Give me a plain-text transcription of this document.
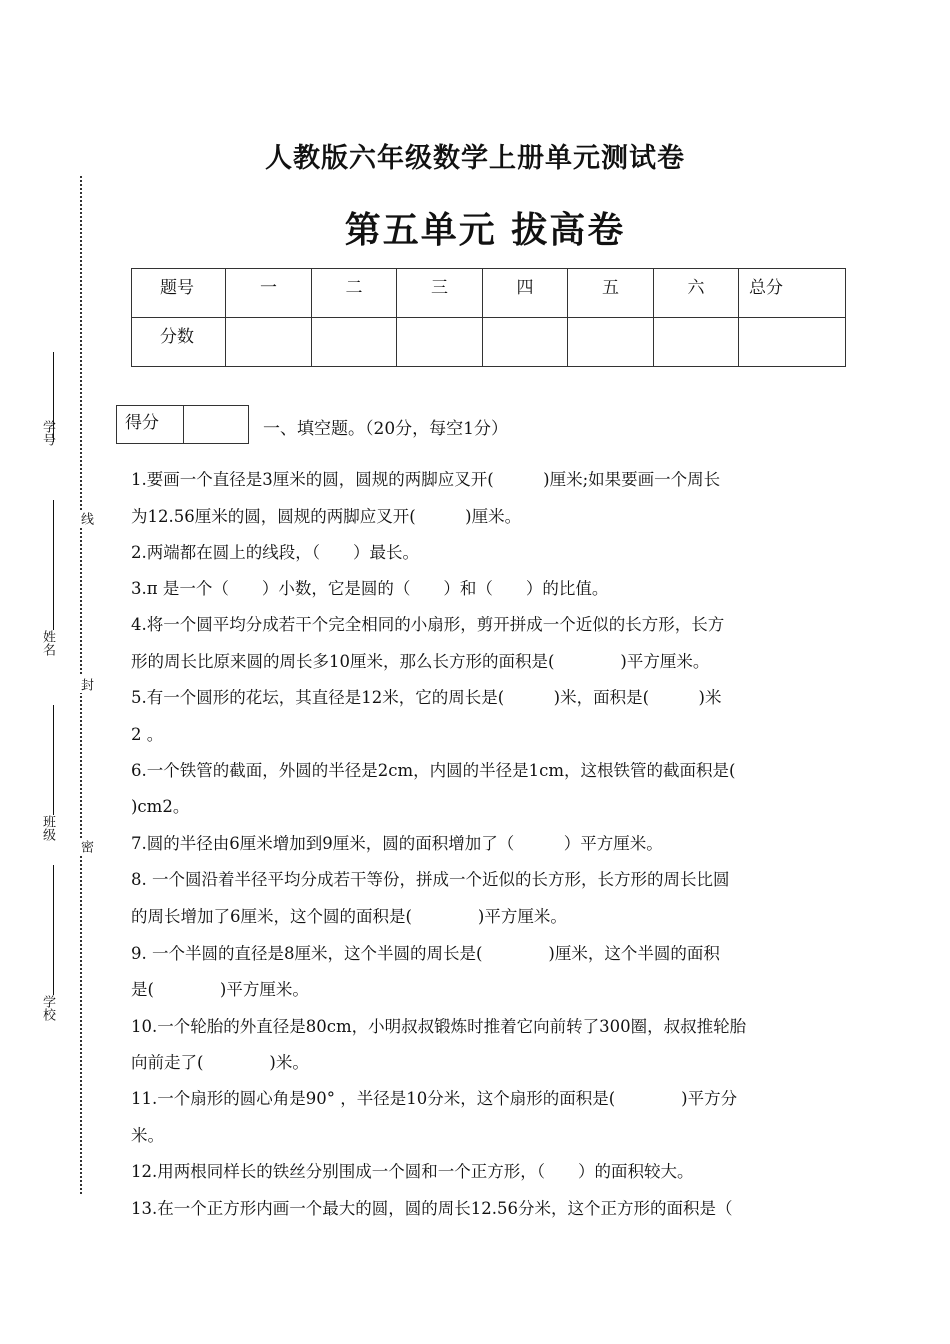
学号
姓名
班级
学校
线
封
密
人教版六年级数学上册单元测试卷
第五单元 拔高卷
题号	一	二	三	四	五	六	总分
分数							
得分	一、填空题。（20分，每空1分）
1.要画一个直径是3厘米的圆，圆规的两脚应叉开(　　　)厘米;如果要画一个周长
为12.56厘米的圆，圆规的两脚应叉开(　　　)厘米。
2.两端都在圆上的线段，（　　）最长。
3.π 是一个（　　）小数，它是圆的（　　）和（　　）的比值。
4.将一个圆平均分成若干个完全相同的小扇形，剪开拼成一个近似的长方形，长方
形的周长比原来圆的周长多10厘米，那么长方形的面积是(　　　　)平方厘米。
5.有一个圆形的花坛，其直径是12米，它的周长是(　　　)米，面积是(　　　)米
2 。
6.一个铁管的截面，外圆的半径是2cm，内圆的半径是1cm，这根铁管的截面积是(
)cm2。
7.圆的半径由6厘米增加到9厘米，圆的面积增加了（　　　）平方厘米。
8. 一个圆沿着半径平均分成若干等份，拼成一个近似的长方形，长方形的周长比圆
的周长增加了6厘米，这个圆的面积是(　　　　)平方厘米。
9. 一个半圆的直径是8厘米，这个半圆的周长是(　　　　)厘米，这个半圆的面积
是(　　　　)平方厘米。
10.一个轮胎的外直径是80cm，小明叔叔锻炼时推着它向前转了300圈，叔叔推轮胎
向前走了(　　　　)米。
11.一个扇形的圆心角是90° ，半径是10分米，这个扇形的面积是(　　　　)平方分
米。
12.用两根同样长的铁丝分别围成一个圆和一个正方形，（　　）的面积较大。
13.在一个正方形内画一个最大的圆，圆的周长12.56分米，这个正方形的面积是（
